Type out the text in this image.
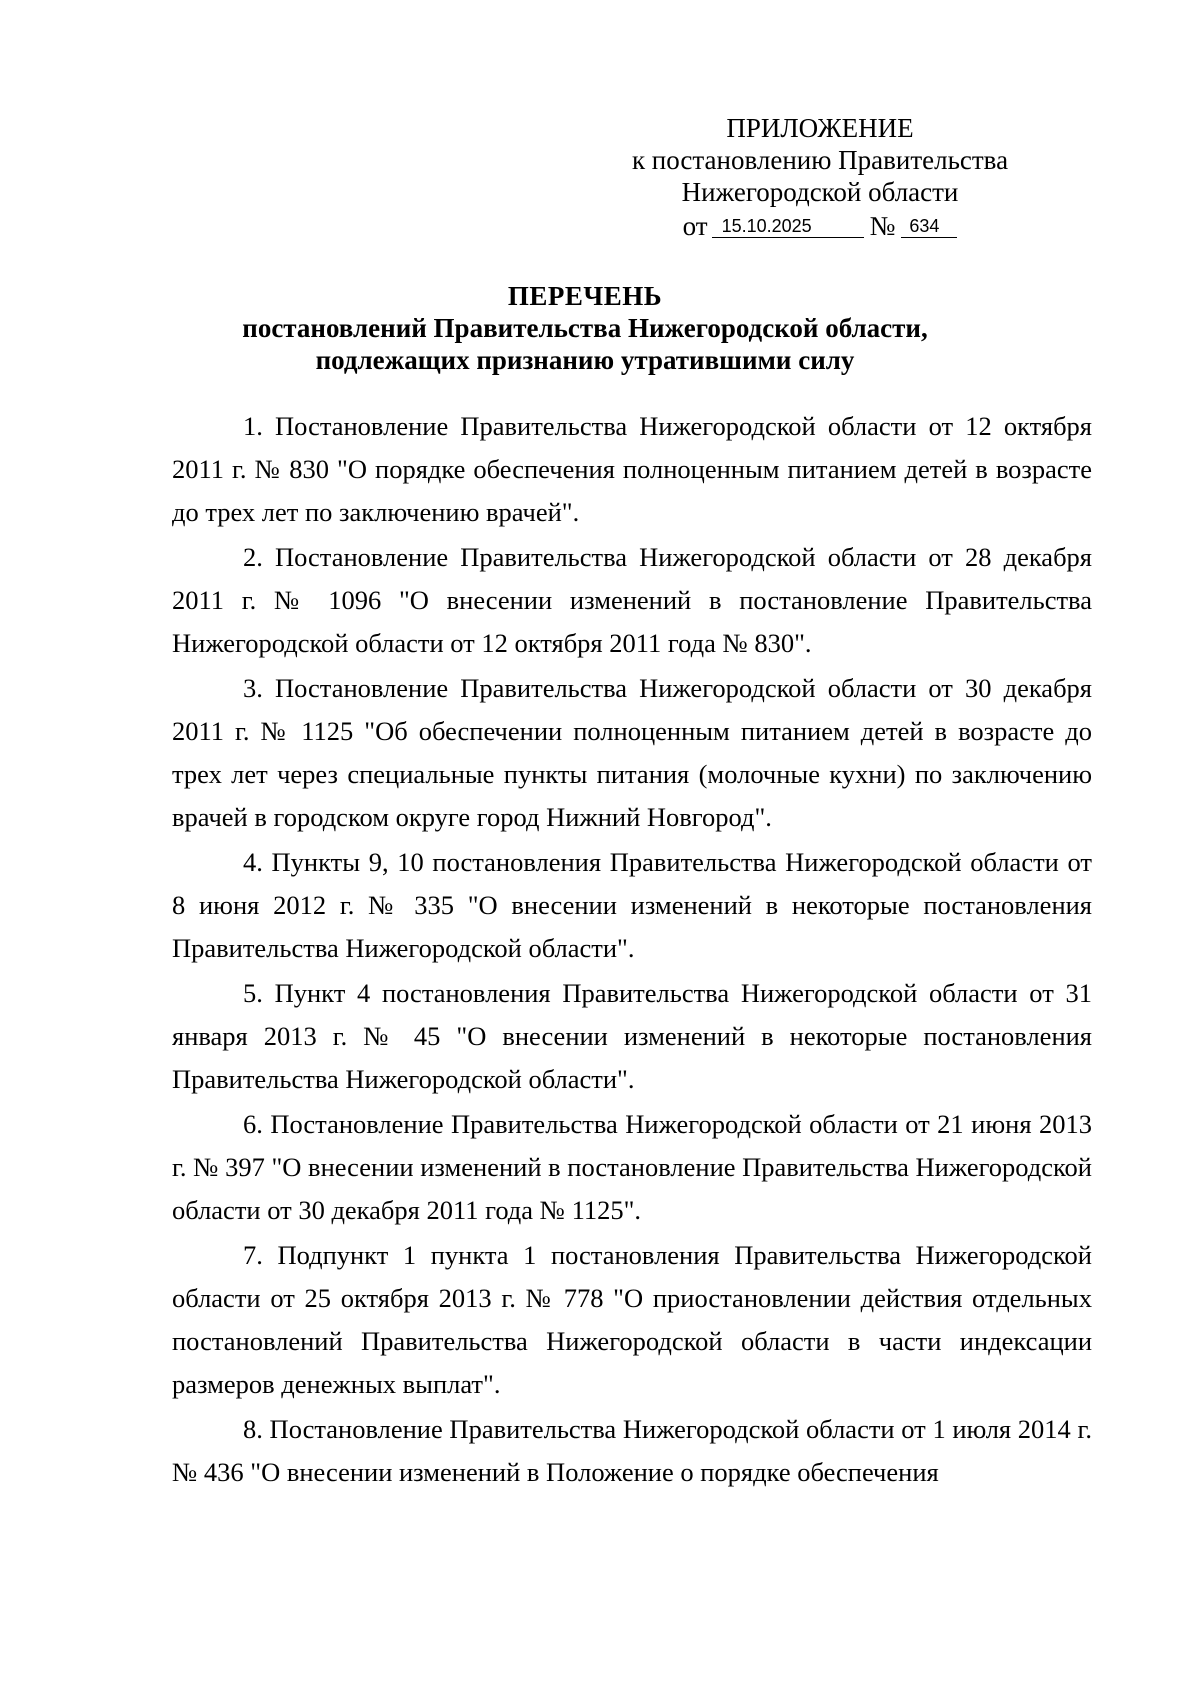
ПРИЛОЖЕНИЕ
к постановлению Правительства
Нижегородской области
от 15.10.2025 № 634
ПЕРЕЧЕНЬ
постановлений Правительства Нижегородской области,
подлежащих признанию утратившими силу

1. Постановление Правительства Нижегородской области от 12 октября 2011 г. № 830 "О порядке обеспечения полноценным питанием детей в возрасте до трех лет по заключению врачей".

2. Постановление Правительства Нижегородской области от 28 декабря 2011 г. № 1096 "О внесении изменений в постановление Правительства Нижегородской области от 12 октября 2011 года № 830".

3. Постановление Правительства Нижегородской области от 30 декабря 2011 г. № 1125 "Об обеспечении полноценным питанием детей в возрасте до трех лет через специальные пункты питания (молочные кухни) по заключению врачей в городском округе город Нижний Новгород".

4. Пункты 9, 10 постановления Правительства Нижегородской области от 8 июня 2012 г. № 335 "О внесении изменений в некоторые постановления Правительства Нижегородской области".

5. Пункт 4 постановления Правительства Нижегородской области от 31 января 2013 г. № 45 "О внесении изменений в некоторые постановления Правительства Нижегородской области".

6. Постановление Правительства Нижегородской области от 21 июня 2013 г. № 397 "О внесении изменений в постановление Правительства Нижегородской области от 30 декабря 2011 года № 1125".

7. Подпункт 1 пункта 1 постановления Правительства Нижегородской области от 25 октября 2013 г. № 778 "О приостановлении действия отдельных постановлений Правительства Нижегородской области в части индексации размеров денежных выплат".

8. Постановление Правительства Нижегородской области от 1 июля 2014 г. № 436 "О внесении изменений в Положение о порядке обеспечения
